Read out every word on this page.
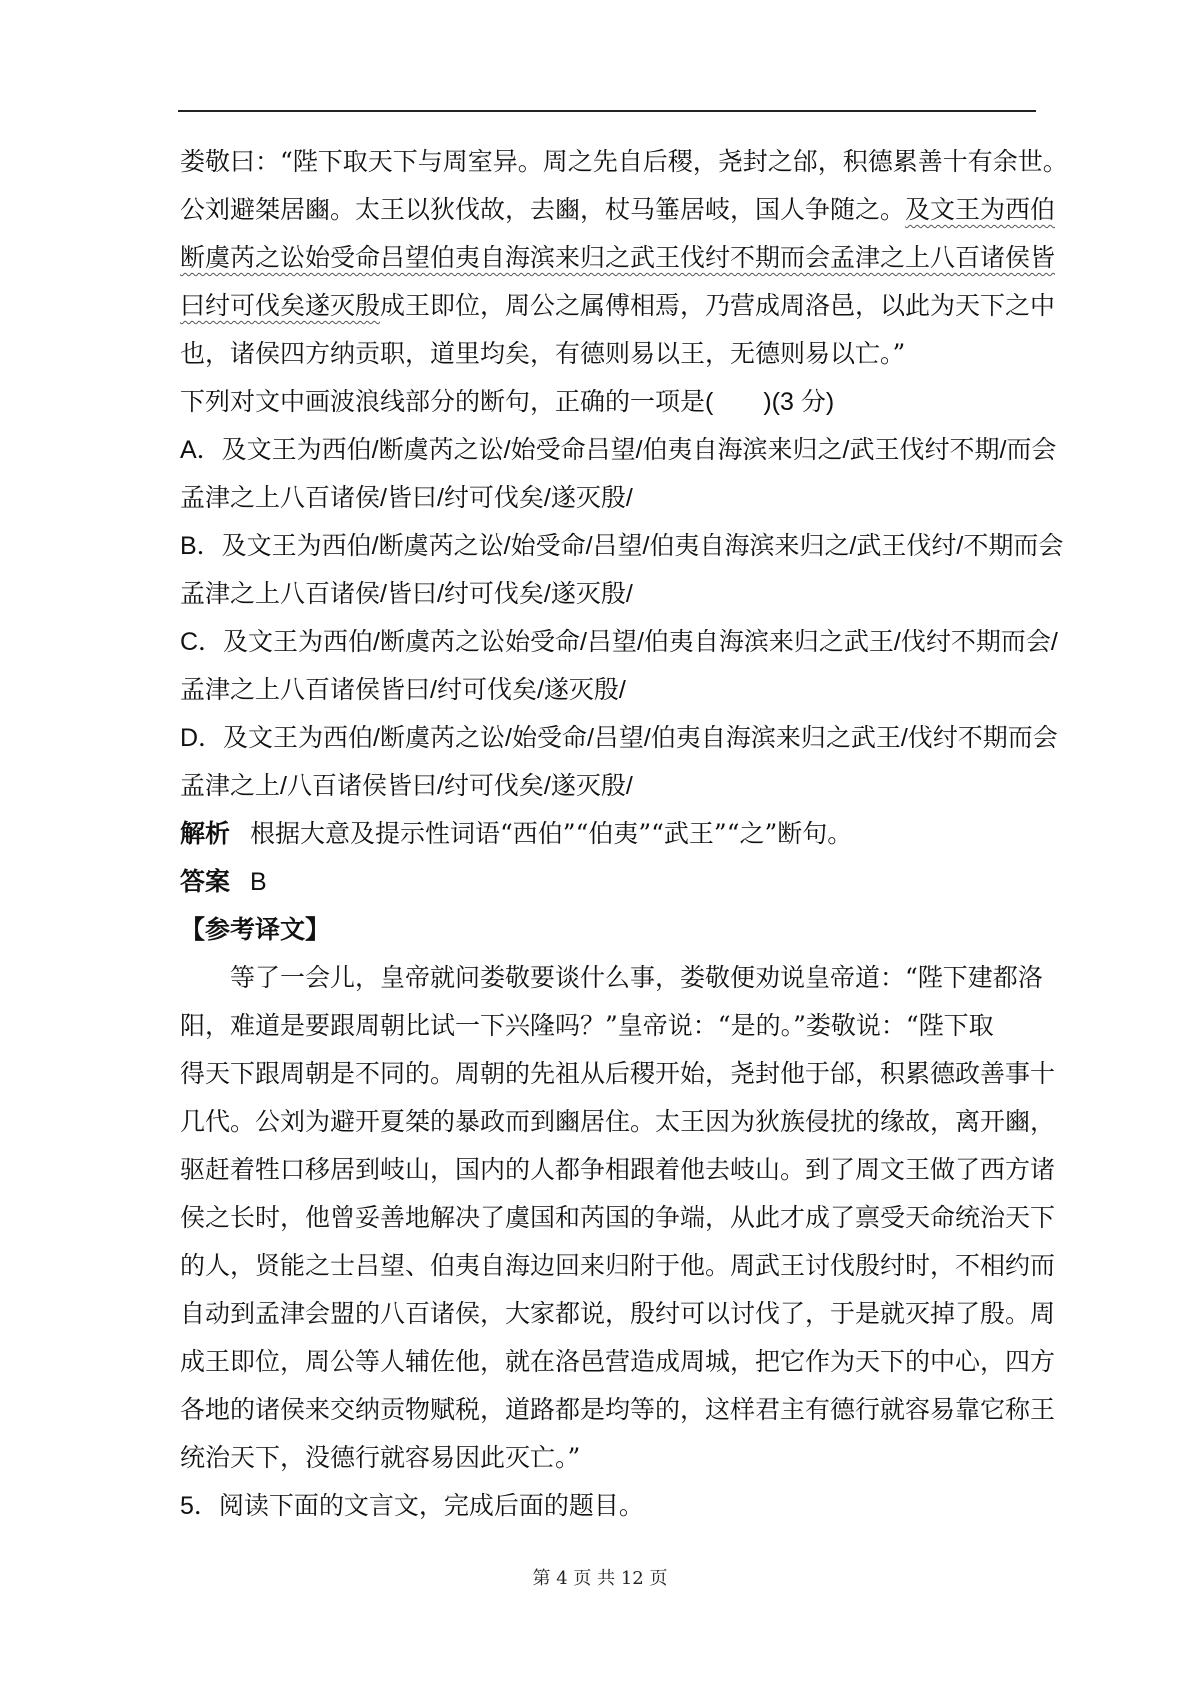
娄敬曰：“陛下取天下与周室异。周之先自后稷，尧封之邰，积德累善十有余世。
公刘避桀居豳。太王以狄伐故，去豳，杖马箠居岐，国人争随之。及文王为西伯
断虞芮之讼始受命吕望伯夷自海滨来归之武王伐纣不期而会孟津之上八百诸侯皆
曰纣可伐矣遂灭殷成王即位，周公之属傅相焉，乃营成周洛邑，以此为天下之中
也，诸侯四方纳贡职，道里均矣，有德则易以王，无德则易以亡。”
下列对文中画波浪线部分的断句，正确的一项是(　　)(3 分)
A．及文王为西伯/断虞芮之讼/始受命吕望/伯夷自海滨来归之/武王伐纣不期/而会
孟津之上八百诸侯/皆曰/纣可伐矣/遂灭殷/
B．及文王为西伯/断虞芮之讼/始受命/吕望/伯夷自海滨来归之/武王伐纣/不期而会
孟津之上八百诸侯/皆曰/纣可伐矣/遂灭殷/
C．及文王为西伯/断虞芮之讼始受命/吕望/伯夷自海滨来归之武王/伐纣不期而会/
孟津之上八百诸侯皆曰/纣可伐矣/遂灭殷/
D．及文王为西伯/断虞芮之讼/始受命/吕望/伯夷自海滨来归之武王/伐纣不期而会
孟津之上/八百诸侯皆曰/纣可伐矣/遂灭殷/
解析 根据大意及提示性词语“西伯”“伯夷”“武王”“之”断句。
答案 B
【参考译文】
等了一会儿，皇帝就问娄敬要谈什么事，娄敬便劝说皇帝道：“陛下建都洛
阳，难道是要跟周朝比试一下兴隆吗？”皇帝说：“是的。”娄敬说：“陛下取
得天下跟周朝是不同的。周朝的先祖从后稷开始，尧封他于邰，积累德政善事十
几代。公刘为避开夏桀的暴政而到豳居住。太王因为狄族侵扰的缘故，离开豳，
驱赶着牲口移居到岐山，国内的人都争相跟着他去岐山。到了周文王做了西方诸
侯之长时，他曾妥善地解决了虞国和芮国的争端，从此才成了禀受天命统治天下
的人，贤能之士吕望、伯夷自海边回来归附于他。周武王讨伐殷纣时，不相约而
自动到孟津会盟的八百诸侯，大家都说，殷纣可以讨伐了，于是就灭掉了殷。周
成王即位，周公等人辅佐他，就在洛邑营造成周城，把它作为天下的中心，四方
各地的诸侯来交纳贡物赋税，道路都是均等的，这样君主有德行就容易靠它称王
统治天下，没德行就容易因此灭亡。”
5．阅读下面的文言文，完成后面的题目。
第 4 页 共 12 页
